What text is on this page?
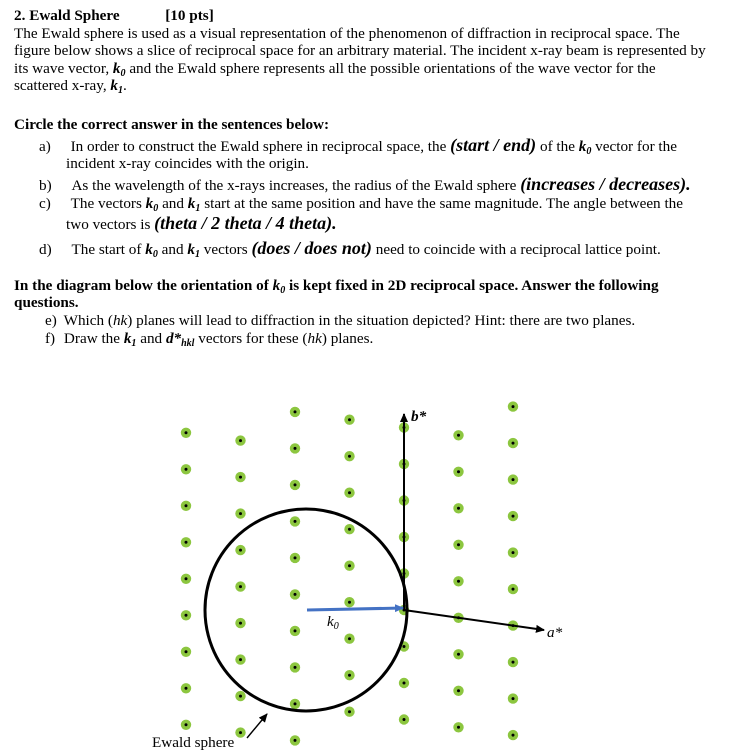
2. Ewald Sphere	[10 pts]
The Ewald sphere is used as a visual representation of the phenomenon of diffraction in reciprocal space. The
figure below shows a slice of reciprocal space for an arbitrary material. The incident x-ray beam is represented by
its wave vector, $k_0$ and the Ewald sphere represents all the possible orientations of the wave vector for the
scattered x-ray, $k_1$.
Circle the correct answer in the sentences below:
a) In order to construct the Ewald sphere in reciprocal space, the (start / end) of the $k_0$ vector for the
incident x-ray coincides with the origin.
b) As the wavelength of the x-rays increases, the radius of the Ewald sphere (increases / decreases).
c) The vectors $k_0$ and $k_1$ start at the same position and have the same magnitude. The angle between the
two vectors is (theta / 2 theta / 4 theta).
d) The start of $k_0$ and $k_1$ vectors (does / does not) need to coincide with a reciprocal lattice point.
In the diagram below the orientation of $k_0$ is kept fixed in 2D reciprocal space. Answer the following
questions.
e) Which (hk) planes will lead to diffraction in the situation depicted? Hint: there are two planes.
f) Draw the $k_1$ and $d*_{hkl}$ vectors for these (hk) planes.
b*
a*
k0
Ewald sphere
